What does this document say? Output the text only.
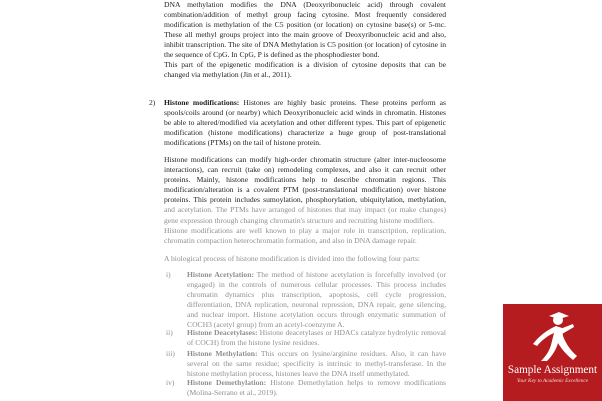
DNA methylation modifies the DNA (Deoxyribonucleic acid) through covalent combination/addition of methyl group facing cytosine. Most frequently considered modification is methylation of the C5 position (or location) on cytosine base(s) or 5-mc. These all methyl groups project into the main groove of Deoxyribonucleic acid and also, inhibit transcription. The site of DNA Methylation is C5 position (or location) of cytosine in the sequence of CpG. In CpG, P is defined as the phosphodiester bond.

This part of the epigenetic modification is a division of cytosine deposits that can be changed via methylation (Jin et al., 2011).

2) Histone modifications: Histones are highly basic proteins. These proteins perform as spools/coils around (or nearby) which Deoxyribonucleic acid winds in chromatin. Histones be able to altered/modified via acetylation and other different types. This part of epigenetic modification (histone modifications) characterize a huge group of post-translational modifications (PTMs) on the tail of histone protein.

Histone modifications can modify high-order chromatin structure (alter inter-nucleosome interactions), can recruit (take on) remodeling complexes, and also it can recruit other proteins. Mainly, histone modifications help to describe chromatin regions. This modification/alteration is a covalent PTM (post-translational modification) over histone proteins. This protein includes sumoylation, phosphorylation, ubiquitylation, methylation, and acetylation. The PTMs have arranged of histones that may impact (or make changes) gene expression through changing chromatin's structure and recruiting histone modifiers.

Histone modifications are well known to play a major role in transcription, replication, chromatin compaction heterochromatin formation, and also in DNA damage repair.

A biological process of histone modification is divided into the following four parts:

i) Histone Acetylation: The method of histone acetylation is forcefully involved (or engaged) in the controls of numerous cellular processes. This process includes chromatin dynamics plus transcription, apoptosis, cell cycle progression, differentiation, DNA replication, neuronal repression, DNA repair, gene silencing, and nuclear import. Histone acetylation occurs through enzymatic summation of COCH3 (acetyl group) from an acetyl-coenzyme A.

ii) Histone Deacetylases: Histone deacetylases or HDACs catalyze hydrolytic removal of COCH) from the histone lysine residues.

iii) Histone Methylation: This occurs on lysine/arginine residues. Also, it can have several on the same residue; specificity is intrinsic to methyl-transferase. In the histone methylation process, histones leave the DNA itself unmethylated.

iv) Histone Demethylation: Histone Demethylation helps to remove modifications (Molina-Serrano et al., 2019).

Sample Assignment
Your Key to Academic Excellence
